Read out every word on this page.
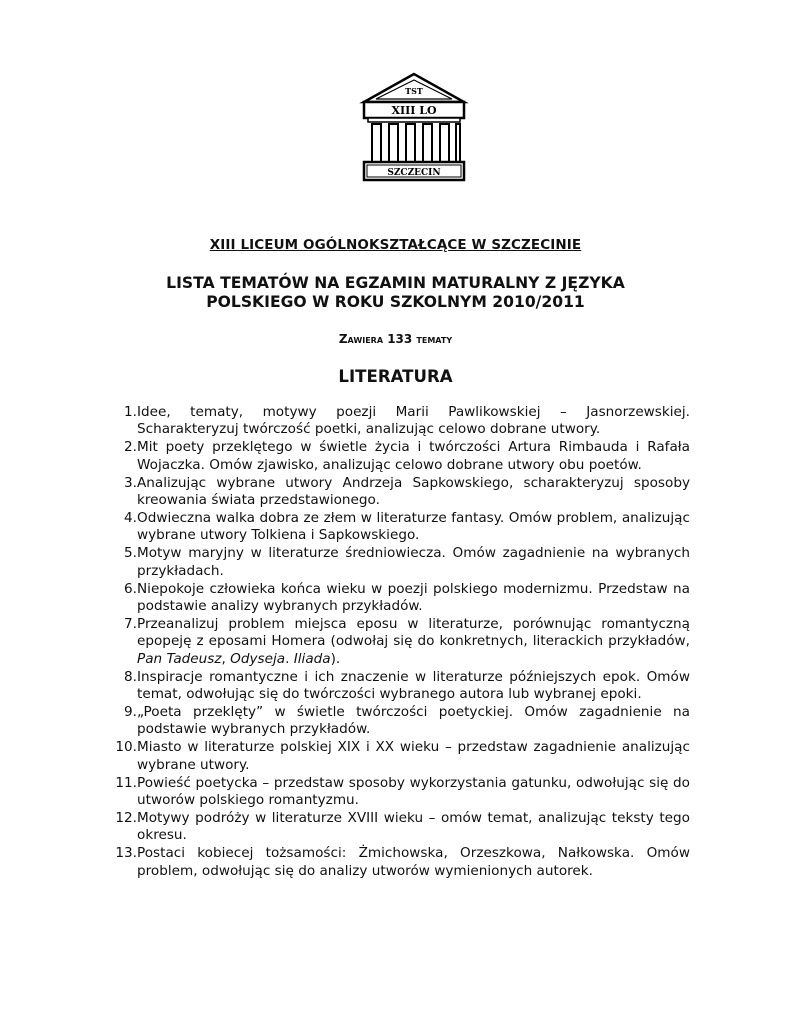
TST
XIII LO
SZCZECIN
XIII LICEUM OGÓLNOKSZTAŁCĄCE W SZCZECINIE
LISTA TEMATÓW NA EGZAMIN MATURALNY Z JĘZYKA
POLSKIEGO W ROKU SZKOLNYM 2010/2011
Zawiera 133 tematy
LITERATURA
1. Idee, tematy, motywy poezji Marii Pawlikowskiej – Jasnorzewskiej. Scharakteryzuj twórczość poetki, analizując celowo dobrane utwory.
2. Mit poety przeklętego w świetle życia i twórczości Artura Rimbauda i Rafała Wojaczka. Omów zjawisko, analizując celowo dobrane utwory obu poetów.
3. Analizując wybrane utwory Andrzeja Sapkowskiego, scharakteryzuj sposoby kreowania świata przedstawionego.
4. Odwieczna walka dobra ze złem w literaturze fantasy. Omów problem, analizując wybrane utwory Tolkiena i Sapkowskiego.
5. Motyw maryjny w literaturze średniowiecza. Omów zagadnienie na wybranych przykładach.
6. Niepokoje człowieka końca wieku w poezji polskiego modernizmu. Przedstaw na podstawie analizy wybranych przykładów.
7. Przeanalizuj problem miejsca eposu w literaturze, porównując romantyczną epopeję z eposami Homera (odwołaj się do konkretnych, literackich przykładów, Pan Tadeusz, Odyseja. Iliada).
8. Inspiracje romantyczne i ich znaczenie w literaturze późniejszych epok. Omów temat, odwołując się do twórczości wybranego autora lub wybranej epoki.
9. „Poeta przeklęty” w świetle twórczości poetyckiej. Omów zagadnienie na podstawie wybranych przykładów.
10. Miasto w literaturze polskiej XIX i XX wieku – przedstaw zagadnienie analizując wybrane utwory.
11. Powieść poetycka – przedstaw sposoby wykorzystania gatunku, odwołując się do utworów polskiego romantyzmu.
12. Motywy podróży w literaturze XVIII wieku – omów temat, analizując teksty tego okresu.
13. Postaci kobiecej tożsamości: Żmichowska, Orzeszkowa, Nałkowska. Omów problem, odwołując się do analizy utworów wymienionych autorek.
